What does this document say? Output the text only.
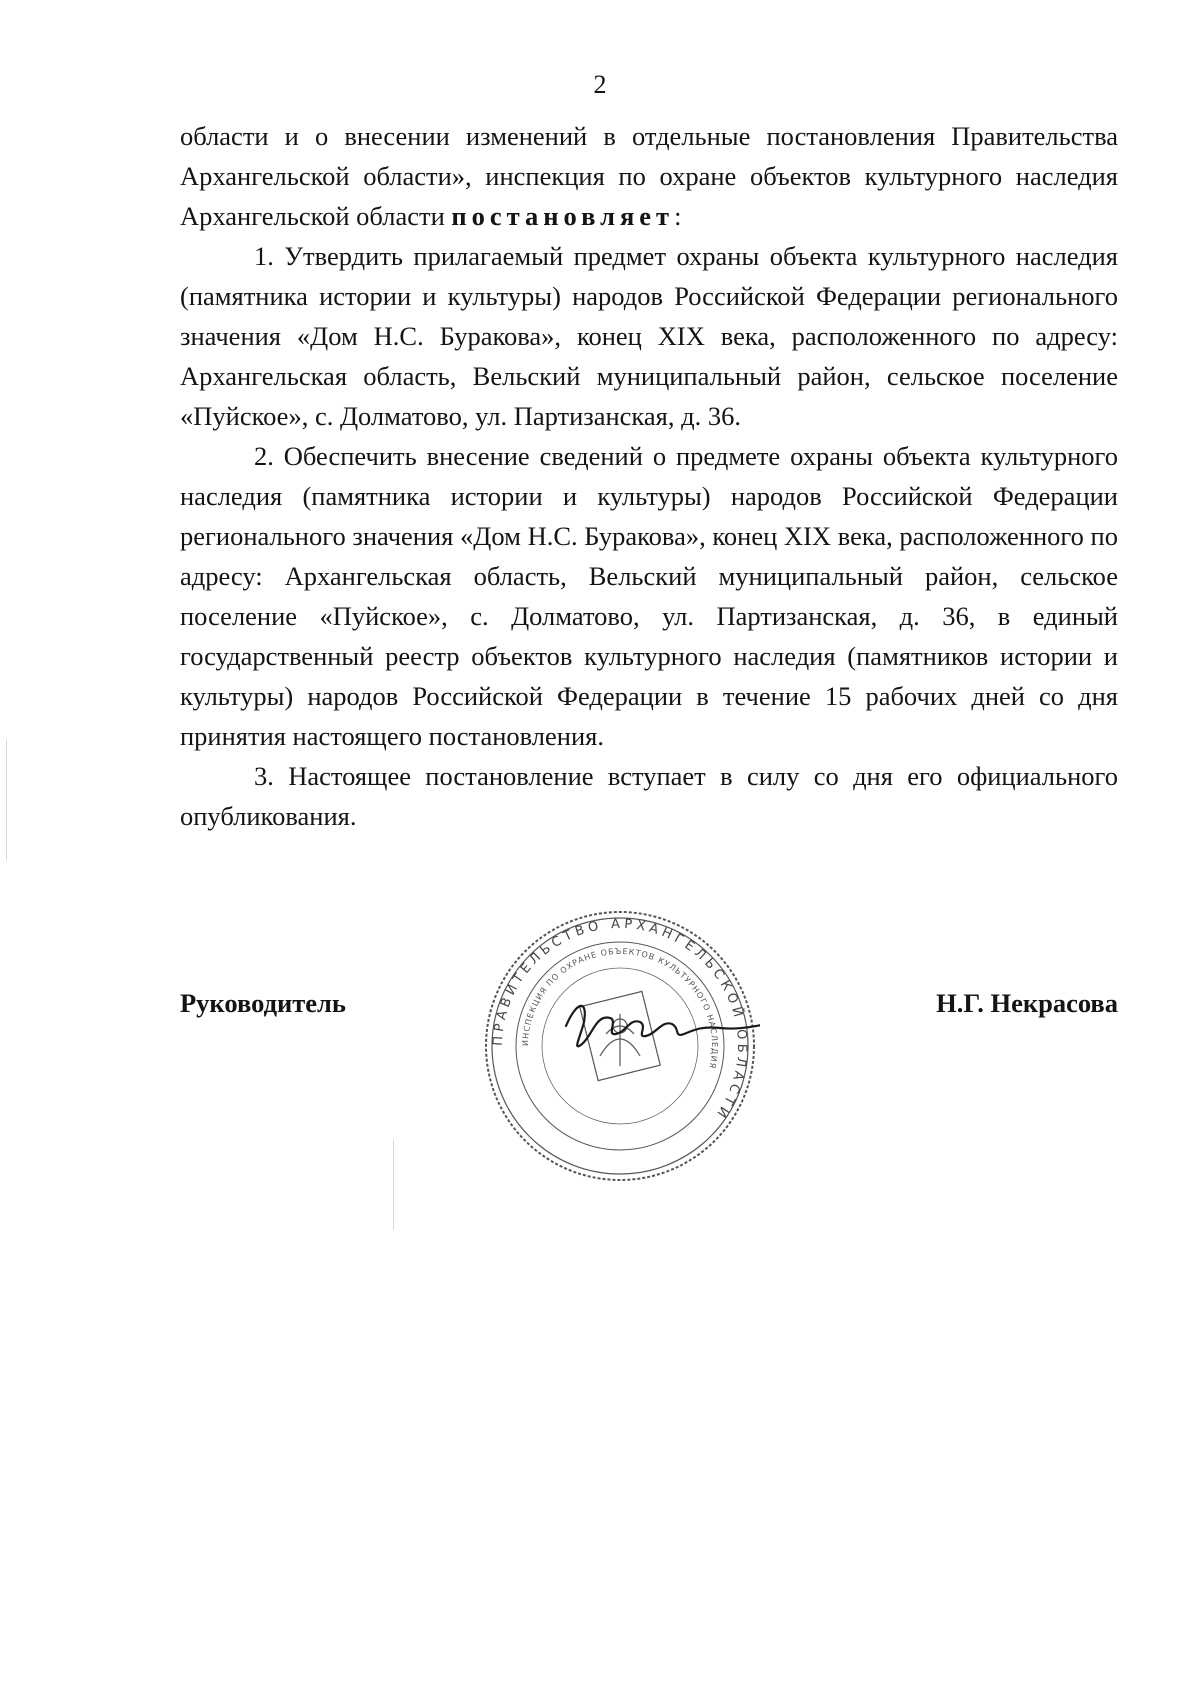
2

области и о внесении изменений в отдельные постановления Правительства Архангельской области», инспекция по охране объектов культурного наследия Архангельской области постановляет:

1. Утвердить прилагаемый предмет охраны объекта культурного наследия (памятника истории и культуры) народов Российской Федерации регионального значения «Дом Н.С. Буракова», конец XIX века, расположенного по адресу: Архангельская область, Вельский муниципальный район, сельское поселение «Пуйское», с. Долматово, ул. Партизанская, д. 36.

2. Обеспечить внесение сведений о предмете охраны объекта культурного наследия (памятника истории и культуры) народов Российской Федерации регионального значения «Дом Н.С. Буракова», конец XIX века, расположенного по адресу: Архангельская область, Вельский муниципальный район, сельское поселение «Пуйское», с. Долматово, ул. Партизанская, д. 36, в единый государственный реестр объектов культурного наследия (памятников истории и культуры) народов Российской Федерации в течение 15 рабочих дней со дня принятия настоящего постановления.

3. Настоящее постановление вступает в силу со дня его официального опубликования.

Руководитель	Н.Г. Некрасова
ПРАВИТЕЛЬСТВО АРХАНГЕЛЬСКОЙ ОБЛАСТИ
ИНСПЕКЦИЯ ПО ОХРАНЕ ОБЪЕКТОВ КУЛЬТУРНОГО НАСЛЕДИЯ
